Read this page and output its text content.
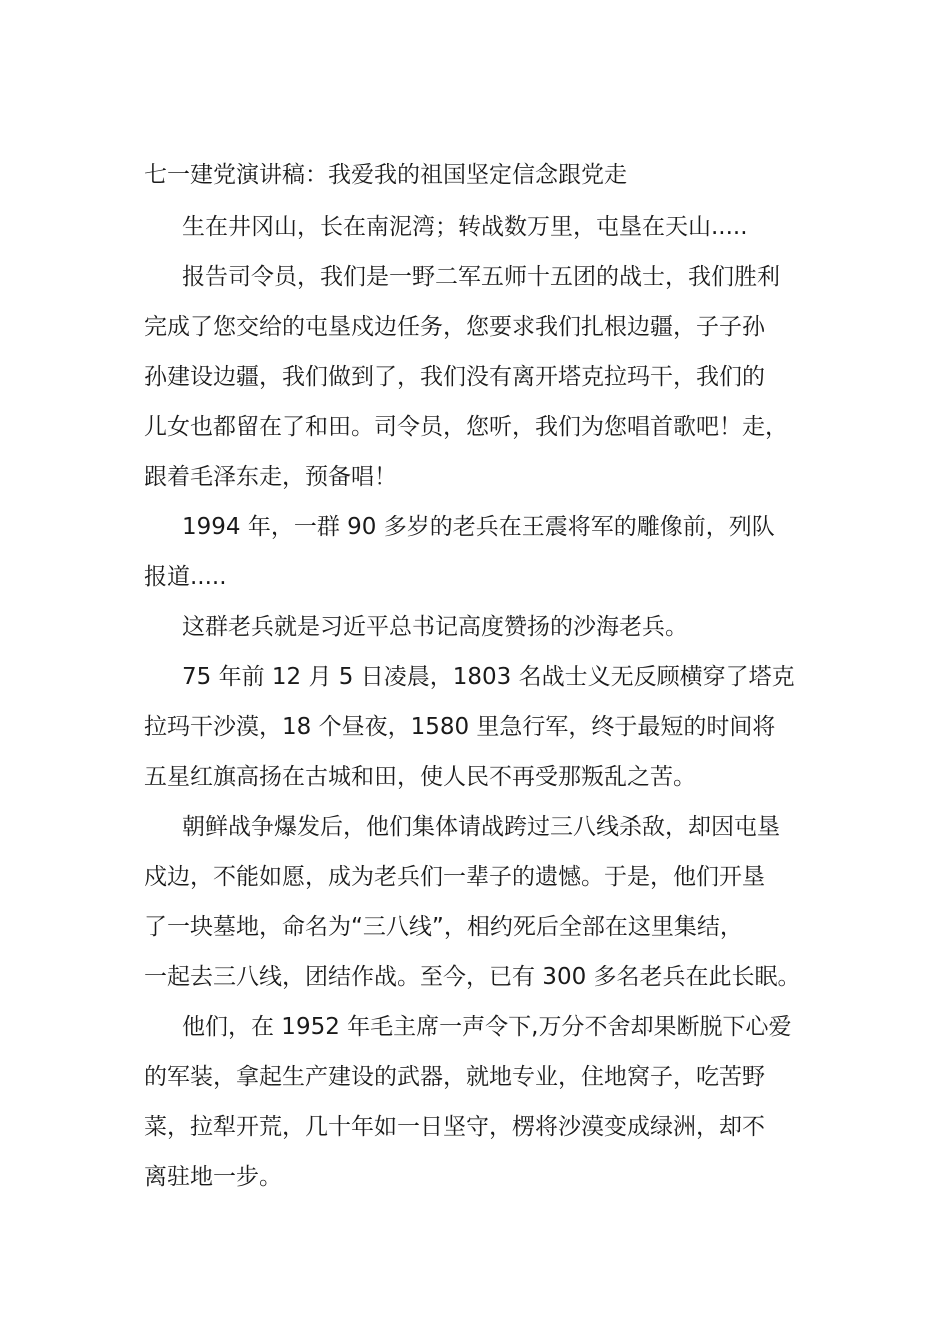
七一建党演讲稿：我爱我的祖国坚定信念跟党走

生在井冈山，长在南泥湾；转战数万里，屯垦在天山.....

报告司令员，我们是一野二军五师十五团的战士，我们胜利
完成了您交给的屯垦戍边任务，您要求我们扎根边疆，子子孙
孙建设边疆，我们做到了，我们没有离开塔克拉玛干，我们的
儿女也都留在了和田。司令员，您听，我们为您唱首歌吧！走，
跟着毛泽东走，预备唱！

1994 年，一群 90 多岁的老兵在王震将军的雕像前，列队
报道.....

这群老兵就是习近平总书记高度赞扬的沙海老兵。

75 年前 12 月 5 日凌晨，1803 名战士义无反顾横穿了塔克
拉玛干沙漠，18 个昼夜，1580 里急行军，终于最短的时间将
五星红旗高扬在古城和田，使人民不再受那叛乱之苦。

朝鲜战争爆发后，他们集体请战跨过三八线杀敌，却因屯垦
戍边，不能如愿，成为老兵们一辈子的遗憾。于是，他们开垦
了一块墓地，命名为“三八线”，相约死后全部在这里集结，
一起去三八线，团结作战。至今，已有 300 多名老兵在此长眠。

他们，在 1952 年毛主席一声令下,万分不舍却果断脱下心爱
的军装，拿起生产建设的武器，就地专业，住地窝子，吃苦野
菜，拉犁开荒，几十年如一日坚守，楞将沙漠变成绿洲，却不
离驻地一步。
